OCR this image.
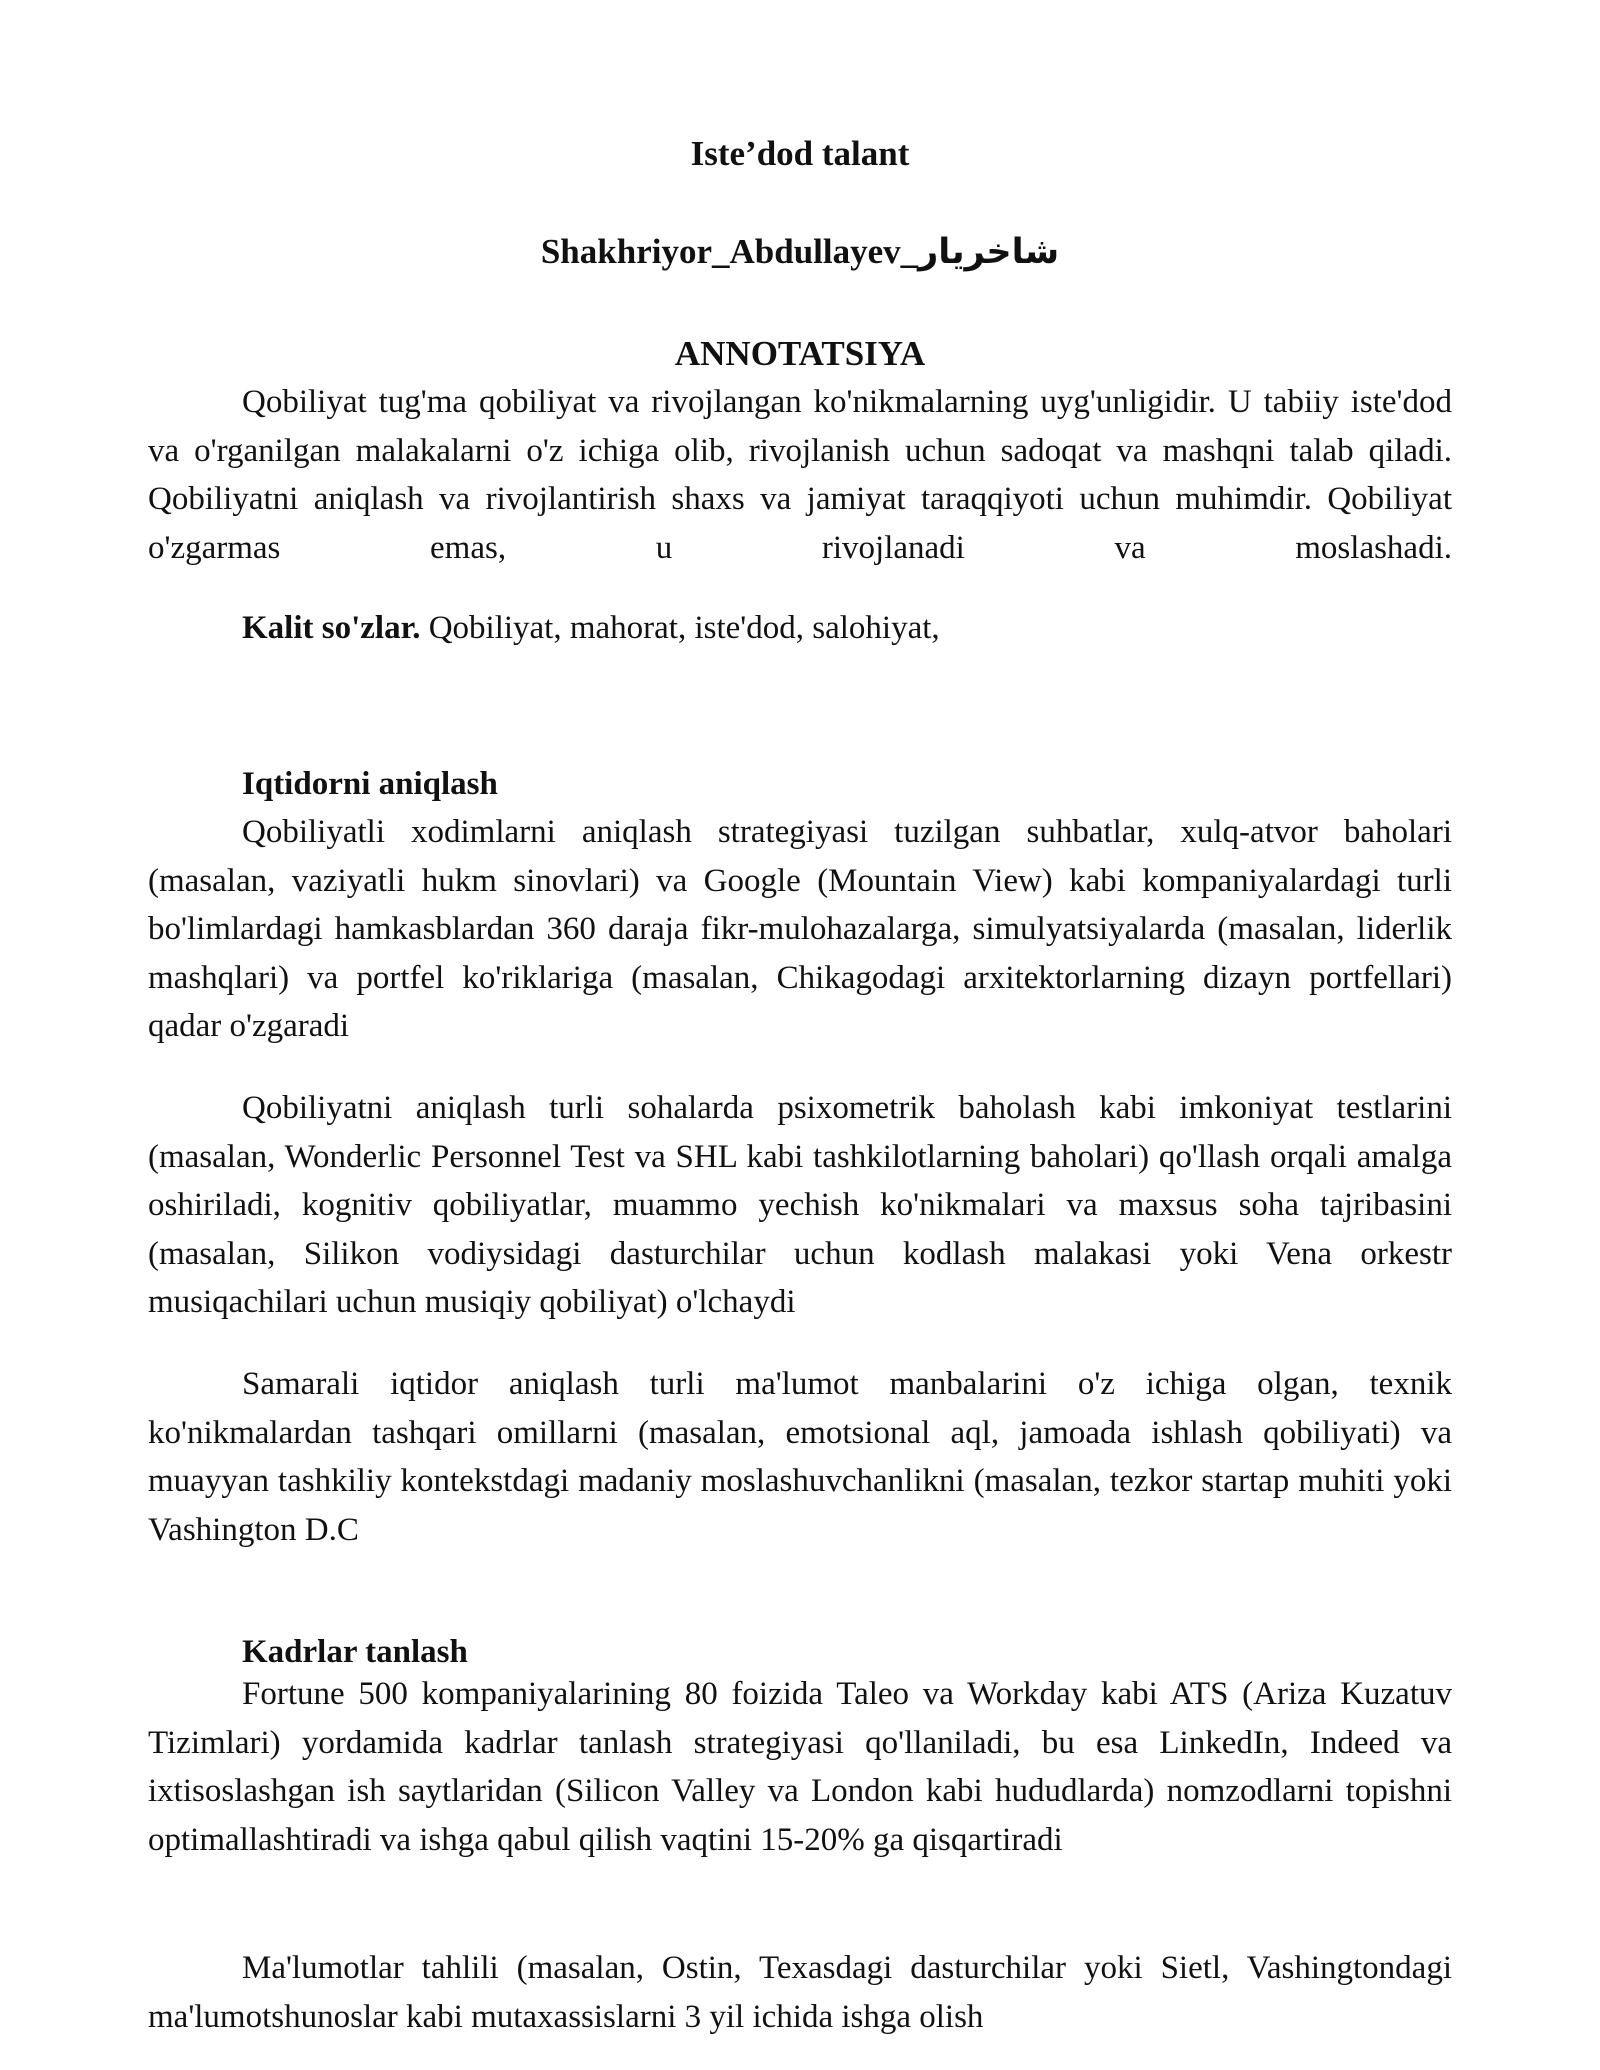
Iste’dod talant
Shakhriyor_Abdullayev_شاخريار
ANNOTATSIYA

Qobiliyat tug'ma qobiliyat va rivojlangan ko'nikmalarning uyg'unligidir. U tabiiy iste'dod va o'rganilgan malakalarni o'z ichiga olib, rivojlanish uchun sadoqat va mashqni talab qiladi. Qobiliyatni aniqlash va rivojlantirish shaxs va jamiyat taraqqiyoti uchun muhimdir. Qobiliyat o'zgarmas emas, u rivojlanadi va moslashadi.

Kalit so'zlar. Qobiliyat, mahorat, iste'dod, salohiyat,
Iqtidorni aniqlash

Qobiliyatli xodimlarni aniqlash strategiyasi tuzilgan suhbatlar, xulq-atvor baholari (masalan, vaziyatli hukm sinovlari) va Google (Mountain View) kabi kompaniyalardagi turli bo'limlardagi hamkasblardan 360 daraja fikr-mulohazalarga, simulyatsiyalarda (masalan, liderlik mashqlari) va portfel ko'riklariga (masalan, Chikagodagi arxitektorlarning dizayn portfellari) qadar o'zgaradi

Qobiliyatni aniqlash turli sohalarda psixometrik baholash kabi imkoniyat testlarini (masalan, Wonderlic Personnel Test va SHL kabi tashkilotlarning baholari) qo'llash orqali amalga oshiriladi, kognitiv qobiliyatlar, muammo yechish ko'nikmalari va maxsus soha tajribasini (masalan, Silikon vodiysidagi dasturchilar uchun kodlash malakasi yoki Vena orkestr musiqachilari uchun musiqiy qobiliyat) o'lchaydi

Samarali iqtidor aniqlash turli ma'lumot manbalarini o'z ichiga olgan, texnik ko'nikmalardan tashqari omillarni (masalan, emotsional aql, jamoada ishlash qobiliyati) va muayyan tashkiliy kontekstdagi madaniy moslashuvchanlikni (masalan, tezkor startap muhiti yoki Vashington D.C

Kadrlar tanlash

Fortune 500 kompaniyalarining 80 foizida Taleo va Workday kabi ATS (Ariza Kuzatuv Tizimlari) yordamida kadrlar tanlash strategiyasi qo'llaniladi, bu esa LinkedIn, Indeed va ixtisoslashgan ish saytlaridan (Silicon Valley va London kabi hududlarda) nomzodlarni topishni optimallashtiradi va ishga qabul qilish vaqtini 15-20% ga qisqartiradi

Ma'lumotlar tahlili (masalan, Ostin, Texasdagi dasturchilar yoki Sietl, Vashingtondagi ma'lumotshunoslar kabi mutaxassislarni 3 yil ichida ishga olish
